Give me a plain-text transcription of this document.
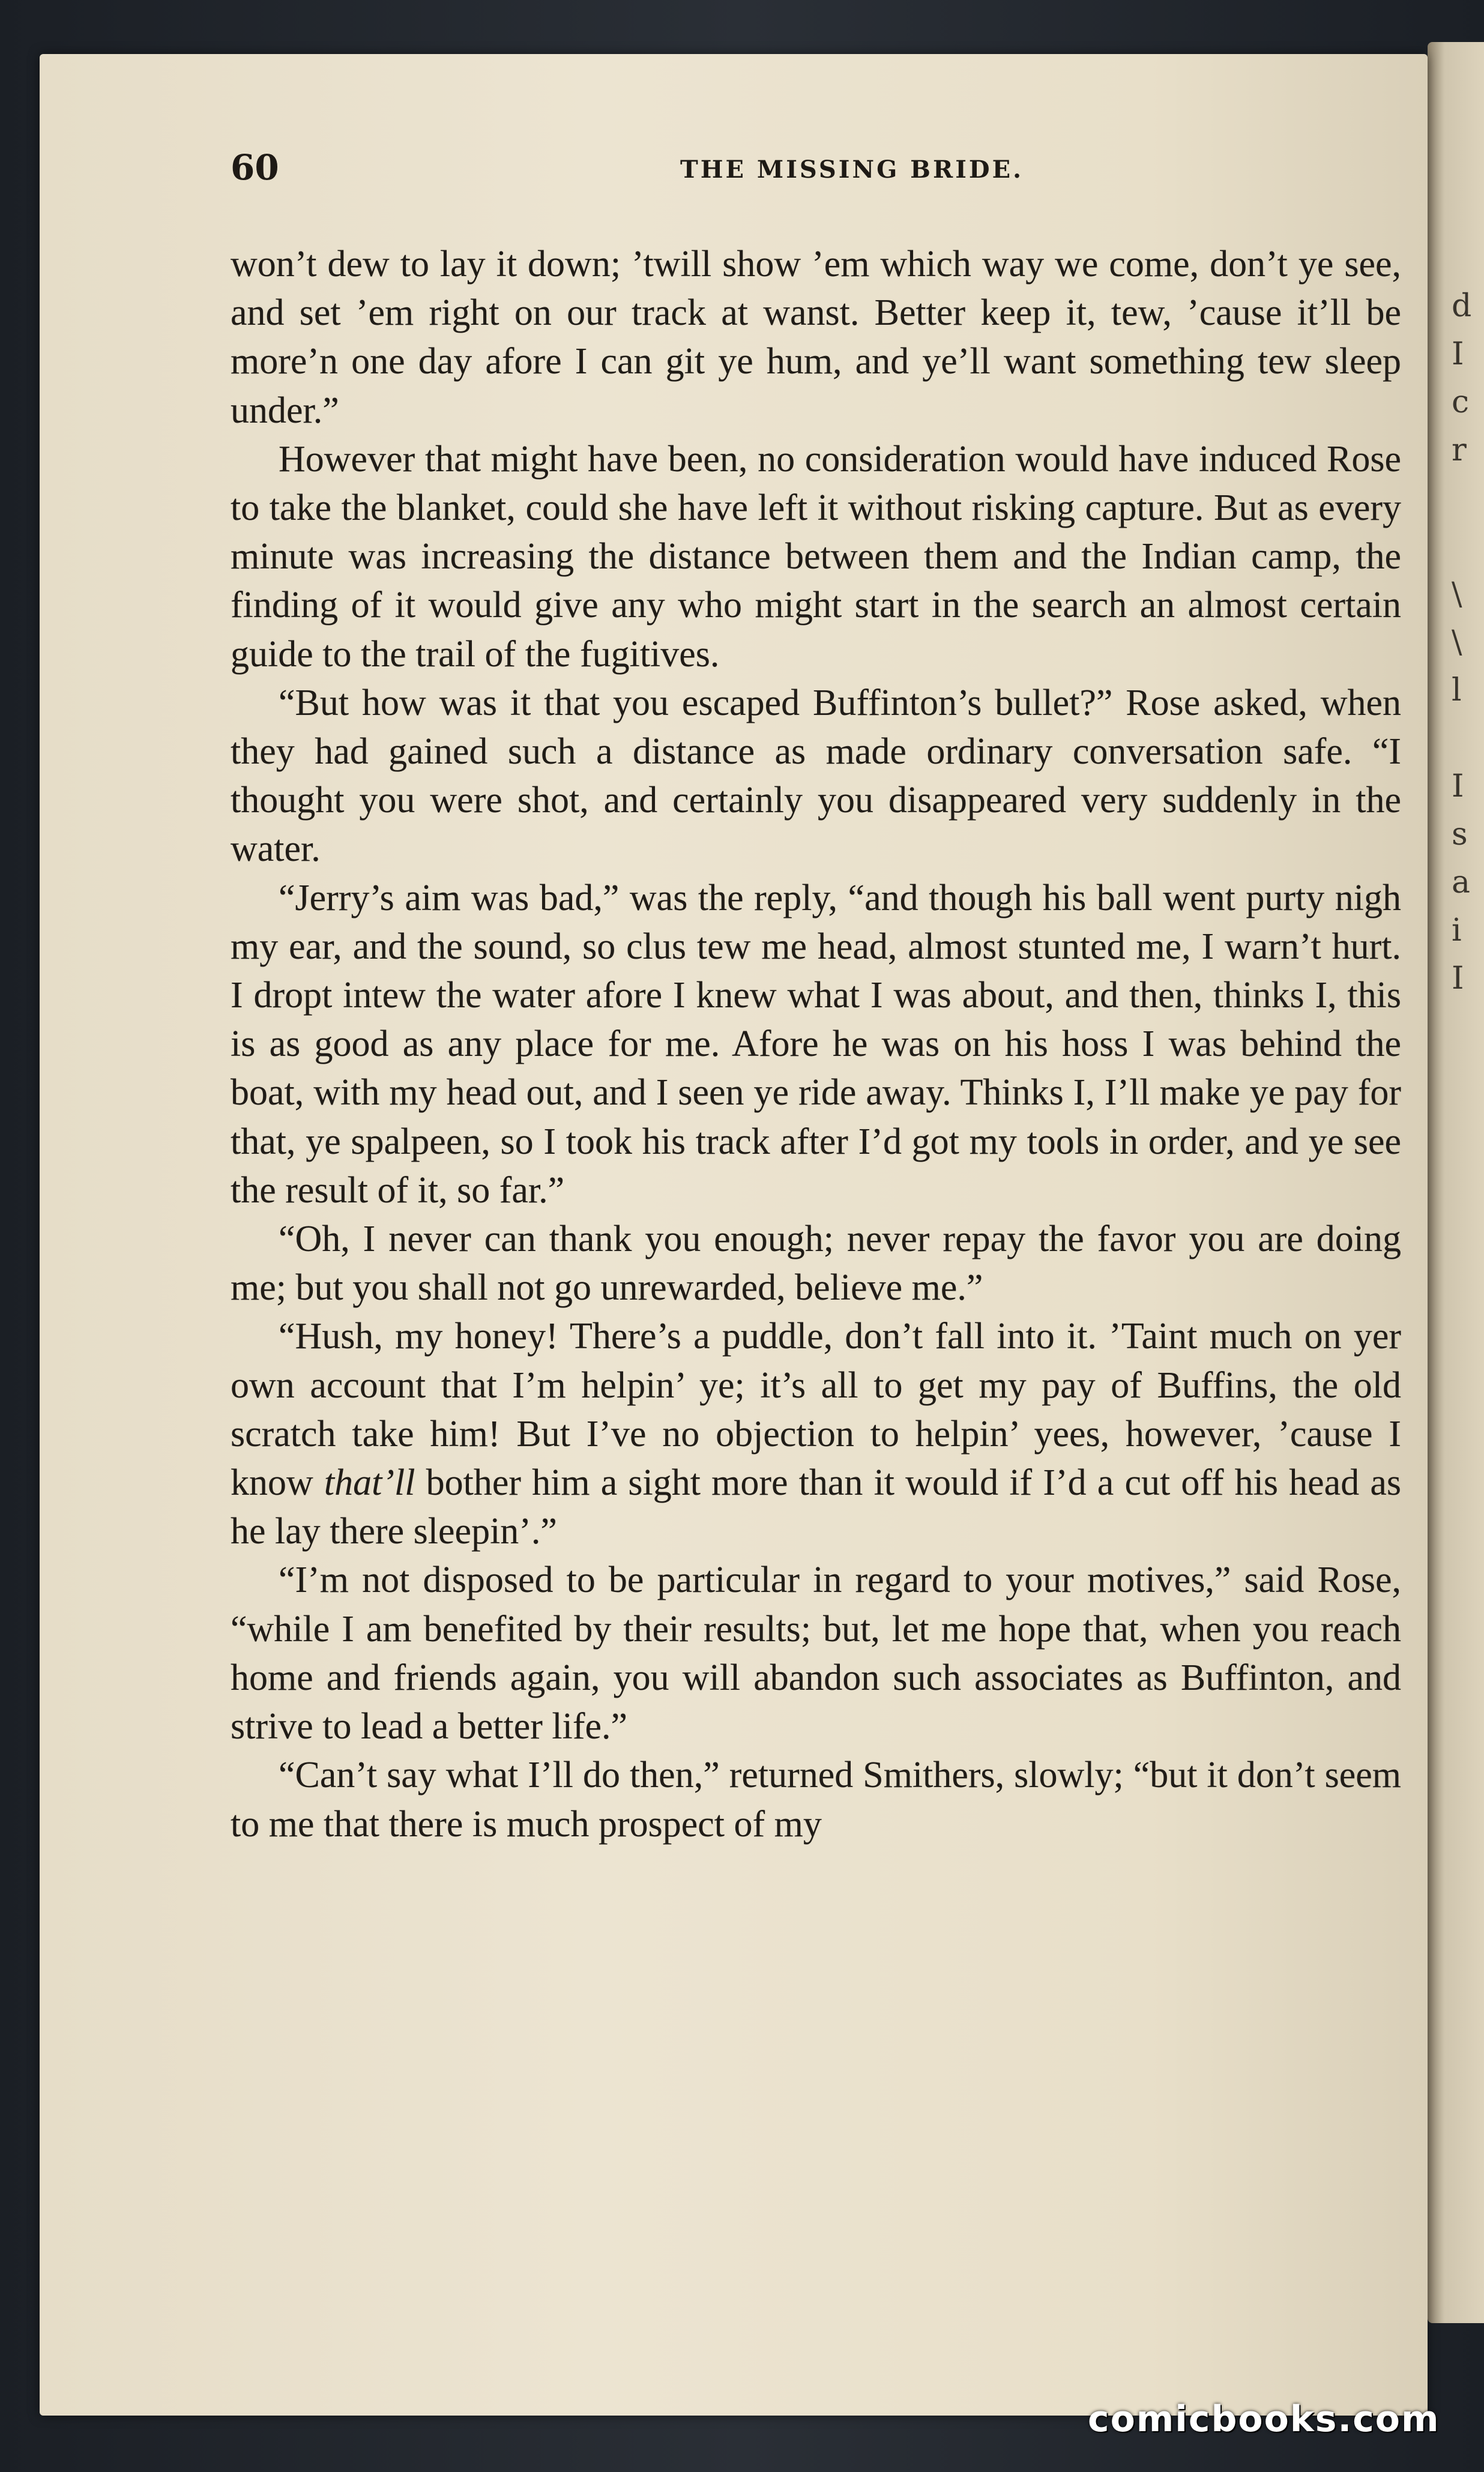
d
I
c
r
\
\
l
I
s
a
i
I
60	THE MISSING BRIDE.

won’t dew to lay it down; ’twill show ’em which way we come, don’t ye see, and set ’em right on our track at wanst. Better keep it, tew, ’cause it’ll be more’n one day afore I can git ye hum, and ye’ll want something tew sleep under.”

However that might have been, no consideration would have induced Rose to take the blanket, could she have left it without risking capture. But as every minute was increasing the distance between them and the Indian camp, the finding of it would give any who might start in the search an almost certain guide to the trail of the fugitives.

“But how was it that you escaped Buffinton’s bullet?” Rose asked, when they had gained such a distance as made ordinary conversation safe. “I thought you were shot, and certainly you disappeared very suddenly in the water.

“Jerry’s aim was bad,” was the reply, “and though his ball went purty nigh my ear, and the sound, so clus tew me head, almost stunted me, I warn’t hurt. I dropt intew the water afore I knew what I was about, and then, thinks I, this is as good as any place for me. Afore he was on his hoss I was behind the boat, with my head out, and I seen ye ride away. Thinks I, I’ll make ye pay for that, ye spalpeen, so I took his track after I’d got my tools in order, and ye see the result of it, so far.”

“Oh, I never can thank you enough; never repay the favor you are doing me; but you shall not go unrewarded, believe me.”

“Hush, my honey! There’s a puddle, don’t fall into it. ’Taint much on yer own account that I’m helpin’ ye; it’s all to get my pay of Buffins, the old scratch take him! But I’ve no objection to helpin’ yees, however, ’cause I know that’ll bother him a sight more than it would if I’d a cut off his head as he lay there sleepin’.”

“I’m not disposed to be particular in regard to your motives,” said Rose, “while I am benefited by their results; but, let me hope that, when you reach home and friends again, you will abandon such associates as Buffinton, and strive to lead a better life.”

“Can’t say what I’ll do then,” returned Smithers, slowly; “but it don’t seem to me that there is much prospect of my

comicbooks.com
